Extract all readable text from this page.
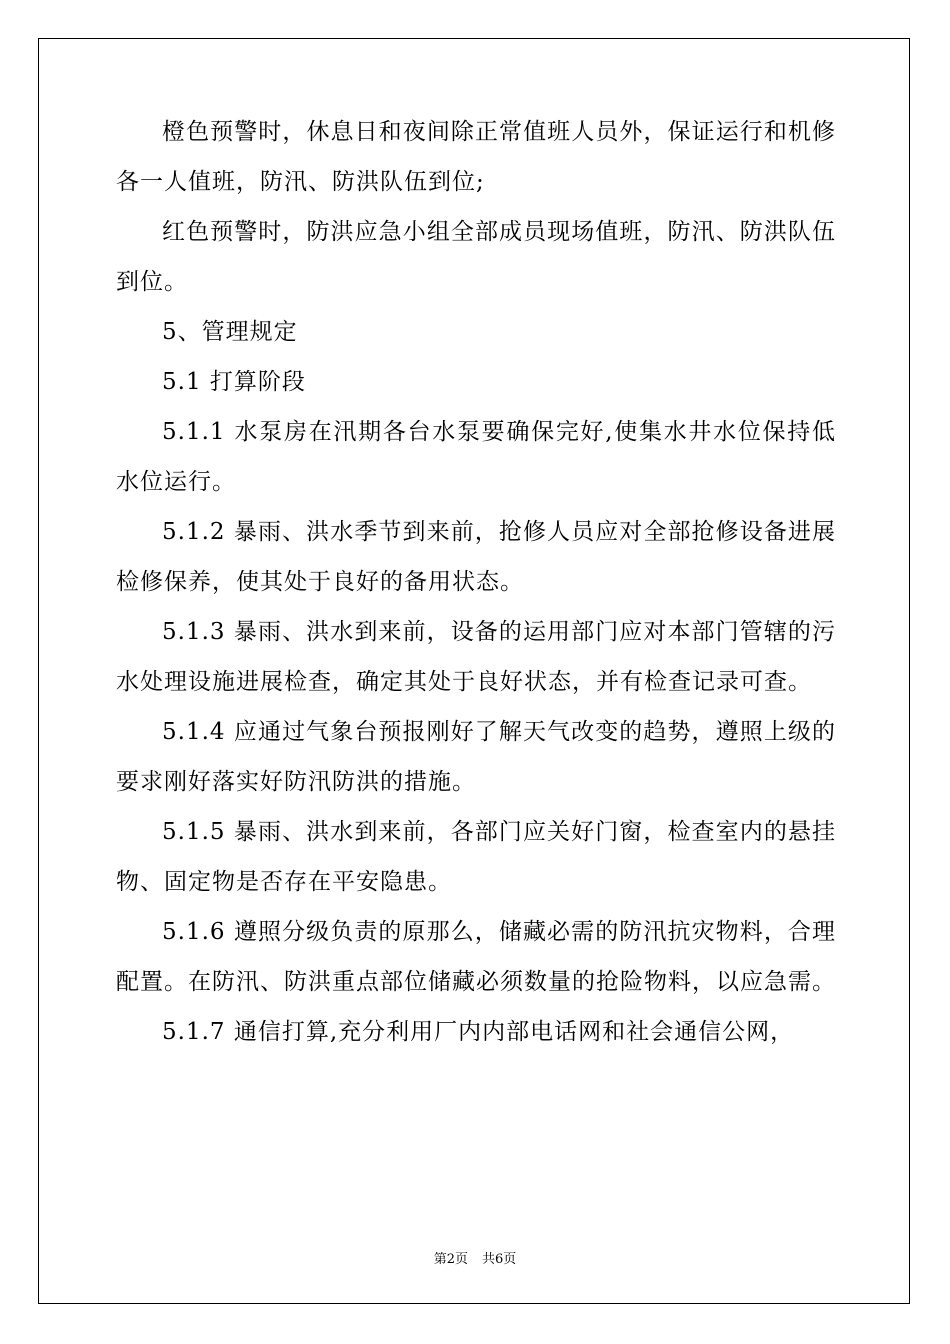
橙色预警时，休息日和夜间除正常值班人员外，保证运行和机修各一人值班，防汛、防洪队伍到位;

红色预警时，防洪应急小组全部成员现场值班，防汛、防洪队伍到位。

5、管理规定

5.1 打算阶段

5.1.1 水泵房在汛期各台水泵要确保完好,使集水井水位保持低水位运行。

5.1.2 暴雨、洪水季节到来前，抢修人员应对全部抢修设备进展检修保养，使其处于良好的备用状态。

5.1.3 暴雨、洪水到来前，设备的运用部门应对本部门管辖的污水处理设施进展检查，确定其处于良好状态，并有检查记录可查。

5.1.4 应通过气象台预报刚好了解天气改变的趋势，遵照上级的要求刚好落实好防汛防洪的措施。

5.1.5 暴雨、洪水到来前，各部门应关好门窗，检查室内的悬挂物、固定物是否存在平安隐患。

5.1.6 遵照分级负责的原那么，储藏必需的防汛抗灾物料，合理配置。在防汛、防洪重点部位储藏必须数量的抢险物料，以应急需。

5.1.7 通信打算,充分利用厂内内部电话网和社会通信公网，

第2页 共6页
